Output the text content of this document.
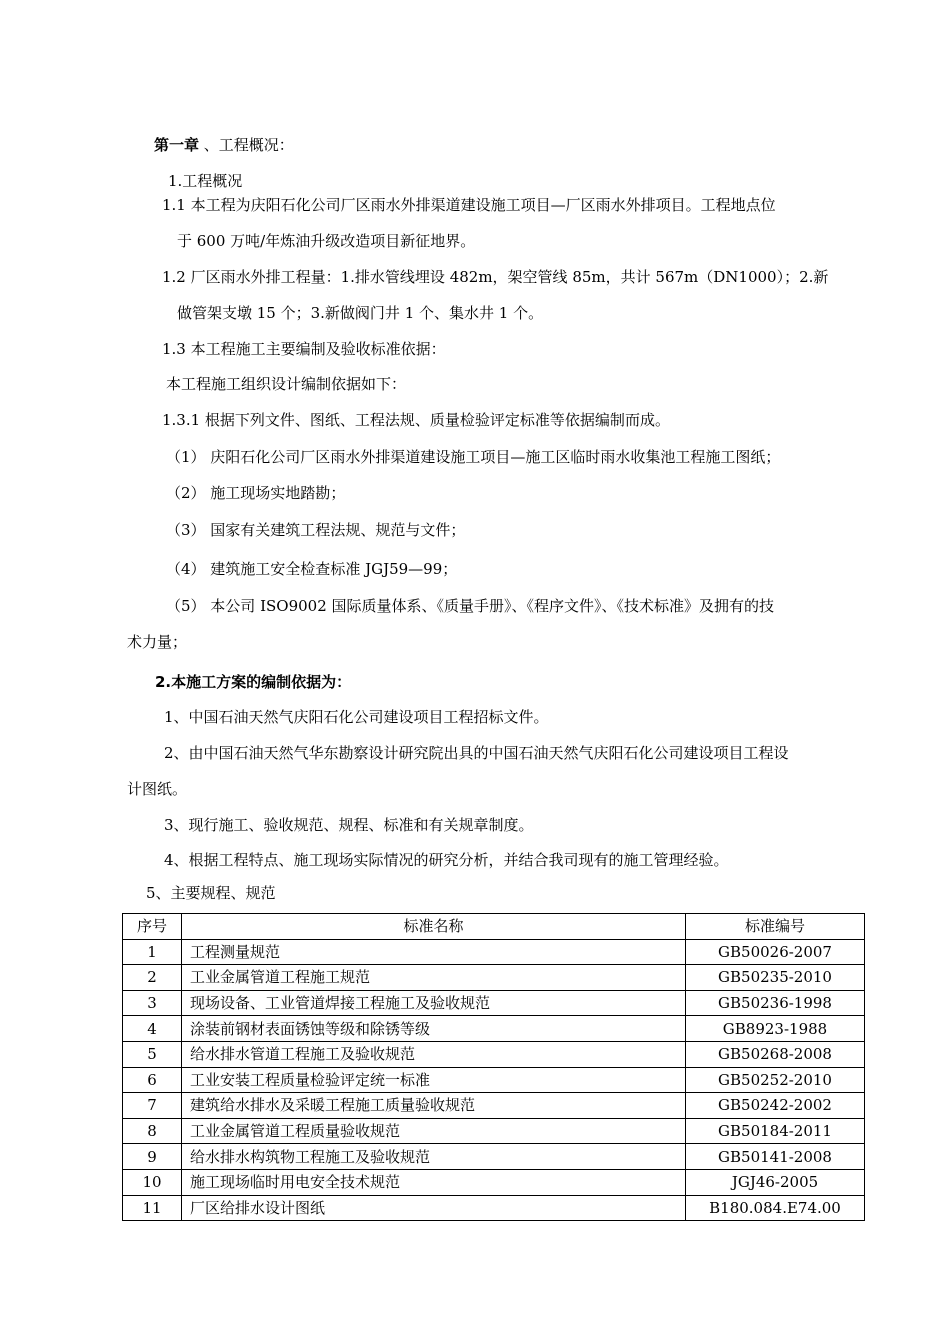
第一章 、工程概况：
1.工程概况
1.1 本工程为庆阳石化公司厂区雨水外排渠道建设施工项目—厂区雨水外排项目。工程地点位
于 600 万吨/年炼油升级改造项目新征地界。
1.2 厂区雨水外排工程量：1.排水管线埋设 482m，架空管线 85m，共计 567m（DN1000）；2.新
做管架支墩 15 个；3.新做阀门井 1 个、集水井 1 个。
1.3 本工程施工主要编制及验收标准依据：
本工程施工组织设计编制依据如下：
1.3.1 根据下列文件、图纸、工程法规、质量检验评定标准等依据编制而成。
（1） 庆阳石化公司厂区雨水外排渠道建设施工项目—施工区临时雨水收集池工程施工图纸；
（2） 施工现场实地踏勘；
（3） 国家有关建筑工程法规、规范与文件；
（4） 建筑施工安全检查标准 JGJ59—99；
（5） 本公司 ISO9002 国际质量体系、《质量手册》、《程序文件》、《技术标准》及拥有的技
术力量；
2.本施工方案的编制依据为：
1、中国石油天然气庆阳石化公司建设项目工程招标文件。
2、由中国石油天然气华东勘察设计研究院出具的中国石油天然气庆阳石化公司建设项目工程设
计图纸。
3、现行施工、验收规范、规程、标准和有关规章制度。
4、根据工程特点、施工现场实际情况的研究分析，并结合我司现有的施工管理经验。
5、主要规程、规范
序号	标准名称	标准编号
1	工程测量规范	GB50026-2007
2	工业金属管道工程施工规范	GB50235-2010
3	现场设备、工业管道焊接工程施工及验收规范	GB50236-1998
4	涂装前钢材表面锈蚀等级和除锈等级	GB8923-1988
5	给水排水管道工程施工及验收规范	GB50268-2008
6	工业安装工程质量检验评定统一标准	GB50252-2010
7	建筑给水排水及采暖工程施工质量验收规范	GB50242-2002
8	工业金属管道工程质量验收规范	GB50184-2011
9	给水排水构筑物工程施工及验收规范	GB50141-2008
10	施工现场临时用电安全技术规范	JGJ46-2005
11	厂区给排水设计图纸	B180.084.E74.00
